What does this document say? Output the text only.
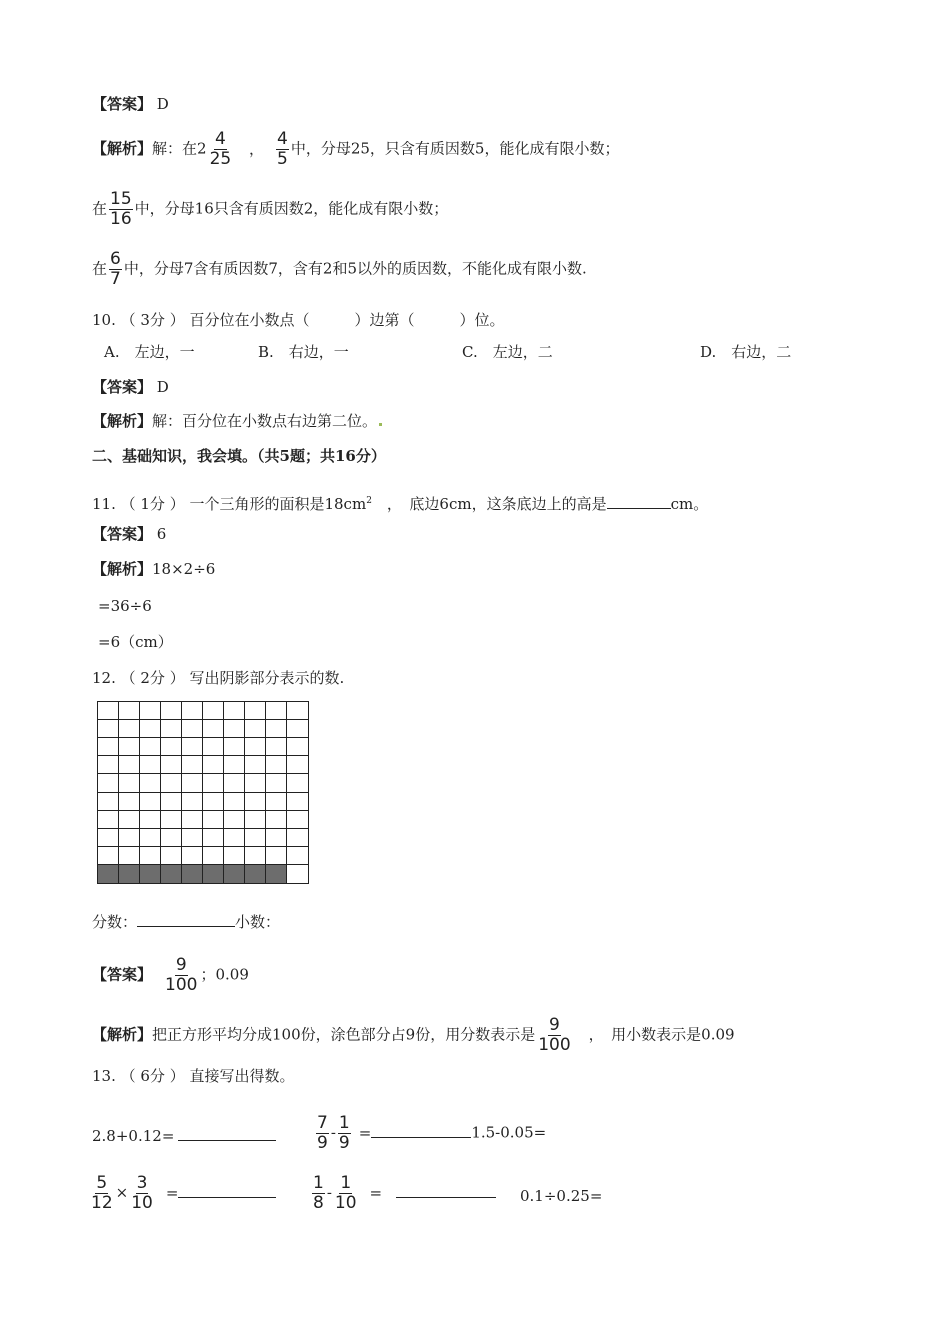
【答案】 D
【解析】解：在$2 \frac{4}{25}$ ， $\frac{4}{5}$ 中，分母25，只含有质因数5，能化成有限小数；
在 $\frac{15}{16}$ 中，分母16只含有质因数2，能化成有限小数；
在 $\frac{6}{7}$ 中，分母7含有质因数7，含有2和5以外的质因数，不能化成有限小数.
10. （ 3分 ） 百分位在小数点（　　　）边第（　　　）位。
A.　左边，一	B.　右边，一	C.　左边，二	D.　右边，二
【答案】 D
【解析】解：百分位在小数点右边第二位。
二、基础知识，我会填。（共5题；共16分）
11. （ 1分 ） 一个三角形的面积是$18cm^2$　，　底边6cm，这条底边上的高是	cm。
【答案】 6
【解析】18×2÷6
=36÷6
=6（cm）
12. （ 2分 ） 写出阴影部分表示的数.
分数：	小数：
【答案】 $\frac{9}{100}$ ；0.09
【解析】把正方形平均分成100份，涂色部分占9份，用分数表示是 $\frac{9}{100}$ 　，　用小数表示是0.09
13. （ 6分 ） 直接写出得数。
2.8+0.12=	$\frac{7}{9} - \frac{1}{9}$ =	1.5-0.05=
$\frac{5}{12} \times \frac{3}{10}$ =	$\frac{1}{8} - \frac{1}{10}$ =	0.1÷0.25=
